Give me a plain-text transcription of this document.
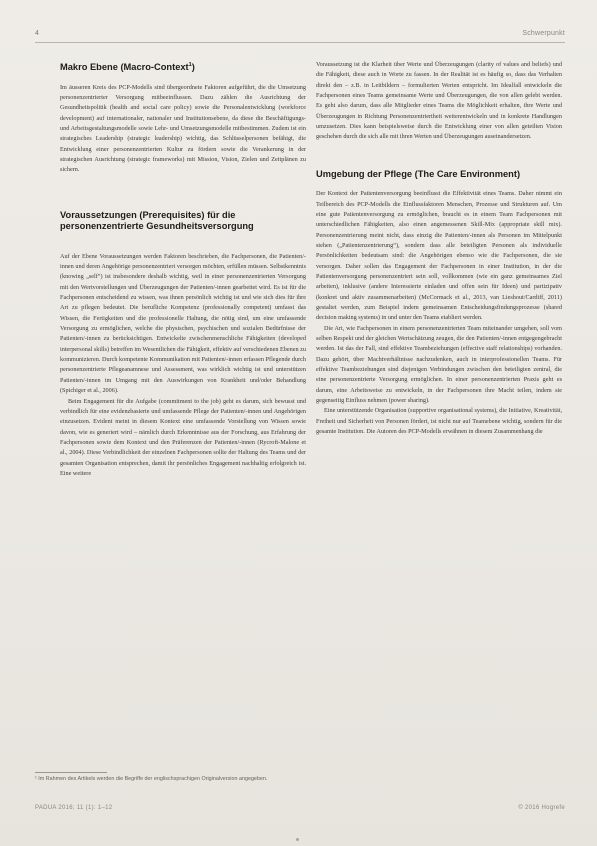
4	Schwerpunkt
Makro Ebene (Macro-Context$^1$)

Im äusseren Kreis des PCP-Modells sind übergeordnete Faktoren aufgeführt, die die Umsetzung personenzentrierter Versorgung mitbeeinflussen. Dazu zählen die Ausrichtung der Gesundheitspolitik (health and social care policy) sowie die Personalentwicklung (workforce development) auf internationaler, nationaler und Institutionsebene, da diese die Beschäftigungs- und Arbeitsgestaltungsmodelle sowie Lehr- und Umsetzungsmodelle mitbestimmen. Zudem ist ein strategisches Leadership (strategic leadership) wichtig, das Schlüsselpersonen befähigt, die Entwicklung einer personenzentrierten Kultur zu fördern sowie die Verankerung in der strategischen Ausrichtung (strategic frameworks) mit Mission, Vision, Zielen und Zeitplänen zu sichern.

Voraussetzungen (Prerequisites) für die personenzentrierte Gesundheitsversorgung

Auf der Ebene Voraussetzungen werden Faktoren beschrieben, die Fachpersonen, die Patienten/-innen und deren Angehörige personenzentriert versorgen möchten, erfüllen müssen. Selbstkenntnis (knowing „self“) ist insbesondere deshalb wichtig, weil in einer personenzentrierten Versorgung mit den Wertvorstellungen und Überzeugungen der Patienten/-innen gearbeitet wird. Es ist für die Fachpersonen entscheidend zu wissen, was ihnen persönlich wichtig ist und wie sich dies für ihre Art zu pflegen bedeutet. Die berufliche Kompetenz (professionally competent) umfasst das Wissen, die Fertigkeiten und die professionelle Haltung, die nötig sind, um eine umfassende Versorgung zu ermöglichen, welche die physischen, psychischen und sozialen Bedürfnisse der Patienten/-innen zu berücksichtigen. Entwickelte zwischenmenschliche Fähigkeiten (developed interpersonal skills) betreffen im Wesentlichen die Fähigkeit, effektiv auf verschiedenen Ebenen zu kommunizieren. Durch kompetente Kommunikation mit Patienten/-innen erfassen Pflegende durch personenzentrierte Pflegeanamnese und Assessment, was wirklich wichtig ist und unterstützen Patienten/-innen im Umgang mit den Auswirkungen von Krankheit und/oder Behandlung (Spichiger et al., 2006).

Beim Engagement für die Aufgabe (commitment to the job) geht es darum, sich bewusst und verbindlich für eine evidenzbasierte und umfassende Pflege der Patienten/-innen und Angehörigen einzusetzen. Evident meint in diesem Kontext eine umfassende Vorstellung von Wissen sowie davon, wie es generiert wird – nämlich durch Erkenntnisse aus der Forschung, aus Erfahrung der Fachpersonen sowie dem Kontext und den Präferenzen der Patienten/-innen (Rycroft-Malone et al., 2004). Diese Verbindlichkeit der einzelnen Fachpersonen sollte der Haltung des Teams und der gesamten Organisation entsprechen, damit ihr persönliches Engagement nachhaltig erfolgreich ist. Eine weitere

Voraussetzung ist die Klarheit über Werte und Überzeugungen (clarity of values and beliefs) und die Fähigkeit, diese auch in Worte zu fassen. In der Realität ist es häufig so, dass das Verhalten direkt den – z.B. in Leitbildern – formulierten Werten entspricht. Im Idealfall entwickeln die Fachpersonen eines Teams gemeinsame Werte und Überzeugungen, die von allen gelebt werden. Es geht also darum, dass alle Mitglieder eines Teams die Möglichkeit erhalten, ihre Werte und Überzeugungen in Richtung Personenzentriertheit weiterentwickeln und in konkrete Handlungen umzusetzen. Dies kann beispielsweise durch die Entwicklung einer von allen geteilten Vision geschehen durch die sich alle mit ihren Werten und Überzeugungen auseinandersetzen.

Umgebung der Pflege (The Care Environment)

Der Kontext der Patientenversorgung beeinflusst die Effektivität eines Teams. Daher nimmt ein Teilbereich des PCP-Modells die Einflussfaktoren Menschen, Prozesse und Strukturen auf. Um eine gute Patientenversorgung zu ermöglichen, braucht es in einem Team Fachpersonen mit unterschiedlichen Fähigkeiten, also einen angemessenen Skill-Mix (appropriate skill mix). Personenzentrierung meint nicht, dass einzig die Patienten/-innen als Personen im Mittelpunkt stehen („Patientenzentrierung“), sondern dass alle beteiligten Personen als individuelle Persönlichkeiten bedeutsam sind: die Angehörigen ebenso wie die Fachpersonen, die sie versorgen. Daher sollen das Engagement der Fachpersonen in einer Institution, in der die Patientenversorgung personenzentriert sein soll, vollkommen (wie ein ganz gemeinsames Ziel arbeiten), inklusive (andere Interessierte einladen und offen sein für Ideen) und partizipativ (konkret und aktiv zusammenarbeiten) (McCormack et al., 2013, van Lieshout/Cardiff, 2011) gestaltet werden, zum Beispiel indem gemeinsamen Entscheidungsfindungsprozesse (shared decision making systems) in und unter den Teams etabliert werden.

Die Art, wie Fachpersonen in einem personenzentrierten Team miteinander umgehen, soll vom selben Respekt und der gleichen Wertschätzung zeugen, die den Patienten/-innen entgegengebracht werden. Ist das der Fall, sind effektive Teambeziehungen (effective staff relationships) vorhanden. Dazu gehört, über Machtverhältnisse nachzudenken, auch in interprofessionellen Teams. Für effektive Teambeziehungen sind diejenigen Verbindungen zwischen den beteiligten zentral, die eine personenzentrierte Versorgung ermöglichen. In einer personenzentrierten Praxis geht es darum, eine Arbeitsweise zu entwickeln, in der Fachpersonen ihre Macht teilen, indem sie gegenseitig Einfluss nehmen (power sharing).

Eine unterstützende Organisation (supportive organisational systems), die Initiative, Kreativität, Freiheit und Sicherheit von Personen fördert, ist nicht nur auf Teamebene wichtig, sondern für die gesamte Institution. Die Autoren des PCP-Modells erwähnen in diesem Zusammenhang die

¹ Im Rahmen des Artikels werden die Begriffe der englischsprachigen Originalversion angegeben.
PADUA 2016; 11 (1): 1–12	© 2016 Hogrefe
